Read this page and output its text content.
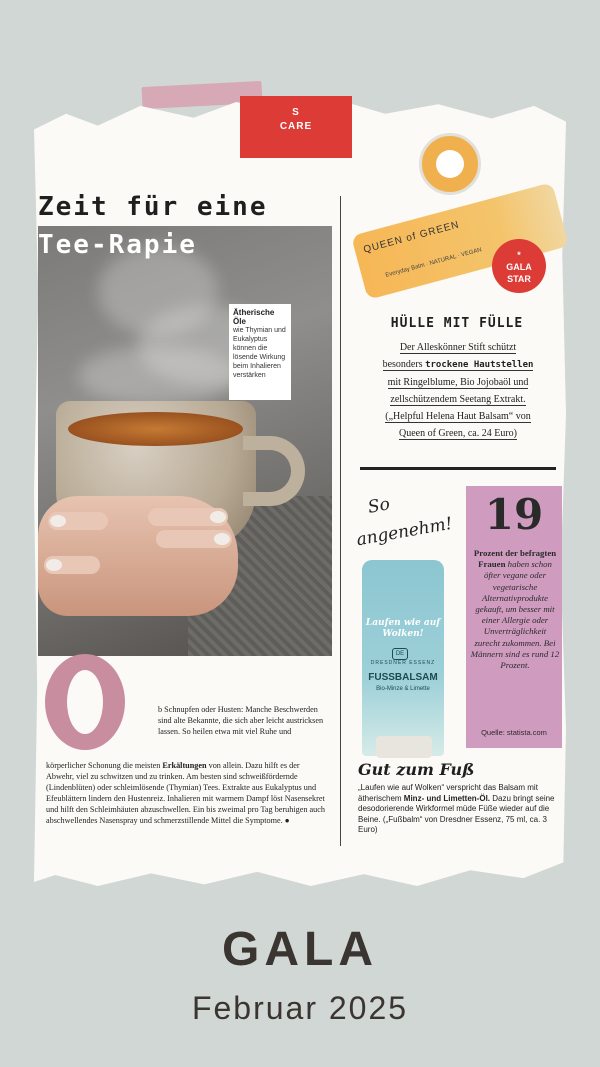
S
CARE
Zeit für eine
Tee-Rapie
Ätherische Öle
wie Thymian und Eukalyptus können die lösende Wirkung beim Inhalieren verstärken
b Schnupfen oder Husten: Manche Beschwerden sind alte Bekannte, die sich aber leicht austricksen lassen. So heilen etwa mit viel Ruhe und
körperlicher Schonung die meisten Erkältungen von allein. Dazu hilft es der Abwehr, viel zu schwitzen und zu trinken. Am besten sind schweißfördernde (Lindenblüten) oder schleimlösende (Thymian) Tees. Extrakte aus Eukalyptus und Efeublättern lindern den Hustenreiz. Inhalieren mit warmem Dampf löst Nasensekret und hilft den Schleimhäuten abzuschwellen. Ein bis zweimal pro Tag beruhigen auch abschwellendes Nasenspray und schmerzstillende Mittel die Symptome. ●
QUEEN of GREEN
Everyday Balm · NATURAL · VEGAN	*
GALA
STAR
HÜLLE MIT FÜLLE
Der Alleskönner Stift schützt
besonders trockene Hautstellen
mit Ringelblume, Bio Jojobaöl und
zellschützendem Seetang Extrakt.
(„Helpful Helena Haut Balsam“ von
Queen of Green, ca. 24 Euro)
So
angenehm!
Laufen wie auf Wolken!
DE
DRESDNER ESSENZ
FUSSBALSAM
Bio-Minze & Limette
19
Prozent der befragten Frauen haben schon öfter vegane oder vegetarische Alternativprodukte gekauft, um besser mit einer Allergie oder Unverträglichkeit zurecht zukommen. Bei Männern sind es rund 12 Prozent.
Quelle: statista.com
Gut zum Fuß
„Laufen wie auf Wolken“ verspricht das Balsam mit ätherischem Minz- und Limetten-Öl. Dazu bringt seine desodorierende Wirkformel müde Füße wieder auf die Beine. („Fußbalm“ von Dresdner Essenz, 75 ml, ca. 3 Euro)
GALA
Februar 2025
